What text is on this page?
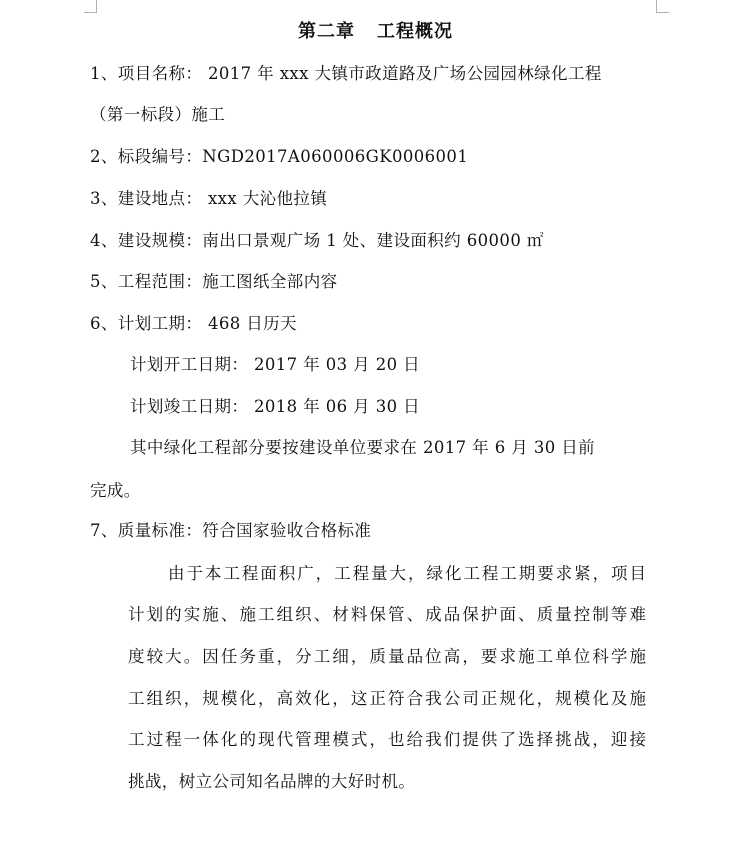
第二章 工程概况
1、项目名称： 2017 年 xxx 大镇市政道路及广场公园园林绿化工程
（第一标段）施工
2、标段编号：NGD2017A060006GK0006001
3、建设地点： xxx 大沁他拉镇
4、建设规模：南出口景观广场 1 处、建设面积约 60000 ㎡
5、工程范围：施工图纸全部内容
6、计划工期： 468 日历天
计划开工日期： 2017 年 03 月 20 日
计划竣工日期： 2018 年 06 月 30 日
其中绿化工程部分要按建设单位要求在 2017 年 6 月 30 日前
完成。
7、质量标准：符合国家验收合格标准
由于本工程面积广，工程量大，绿化工程工期要求紧，项目
计划的实施、施工组织、材料保管、成品保护面、质量控制等难
度较大。因任务重，分工细，质量品位高，要求施工单位科学施
工组织，规模化，高效化，这正符合我公司正规化，规模化及施
工过程一体化的现代管理模式，也给我们提供了选择挑战，迎接
挑战，树立公司知名品牌的大好时机。
